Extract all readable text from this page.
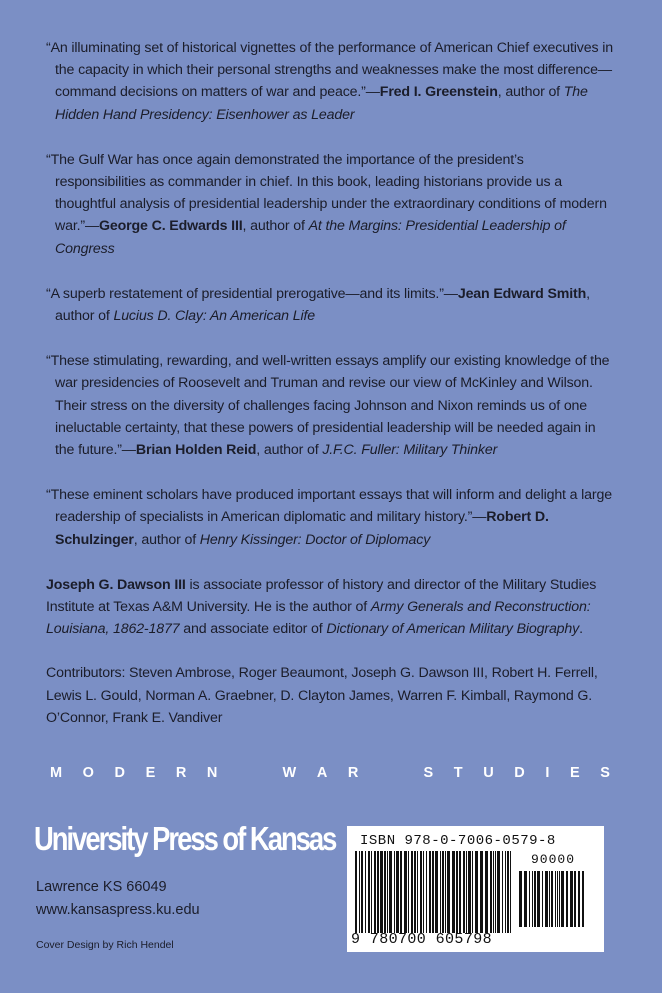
“An illuminating set of historical vignettes of the performance of American Chief executives in the capacity in which their personal strengths and weaknesses make the most difference—command decisions on matters of war and peace.”—Fred I. Greenstein, author of The Hidden Hand Presidency: Eisenhower as Leader

“The Gulf War has once again demonstrated the importance of the president’s responsibilities as commander in chief. In this book, leading historians provide us a thoughtful analysis of presidential leadership under the extraordinary conditions of modern war.”—George C. Edwards III, author of At the Margins: Presidential Leadership of Congress

“A superb restatement of presidential prerogative—and its limits.”—Jean Edward Smith, author of Lucius D. Clay: An American Life

“These stimulating, rewarding, and well-written essays amplify our existing knowledge of the war presidencies of Roosevelt and Truman and revise our view of McKinley and Wilson. Their stress on the diversity of challenges facing Johnson and Nixon reminds us of one ineluctable certainty, that these powers of presidential leadership will be needed again in the future.”—Brian Holden Reid, author of J.F.C. Fuller: Military Thinker

“These eminent scholars have produced important essays that will inform and delight a large readership of specialists in American diplomatic and military history.”—Robert D. Schulzinger, author of Henry Kissinger: Doctor of Diplomacy

Joseph G. Dawson III is associate professor of history and director of the Military Studies Institute at Texas A&M University. He is the author of Army Generals and Reconstruction: Louisiana, 1862-1877 and associate editor of Dictionary of American Military Biography.

Contributors: Steven Ambrose, Roger Beaumont, Joseph G. Dawson III, Robert H. Ferrell, Lewis L. Gould, Norman A. Graebner, D. Clayton James, Warren F. Kimball, Raymond G. O’Connor, Frank E. Vandiver

M O D E R N	W A R	S T U D I E S
University Press of Kansas
Lawrence KS 66049
www.kansaspress.ku.edu
Cover Design by Rich Hendel
ISBN 978-0-7006-0579-8
90000
9 780700 605798
